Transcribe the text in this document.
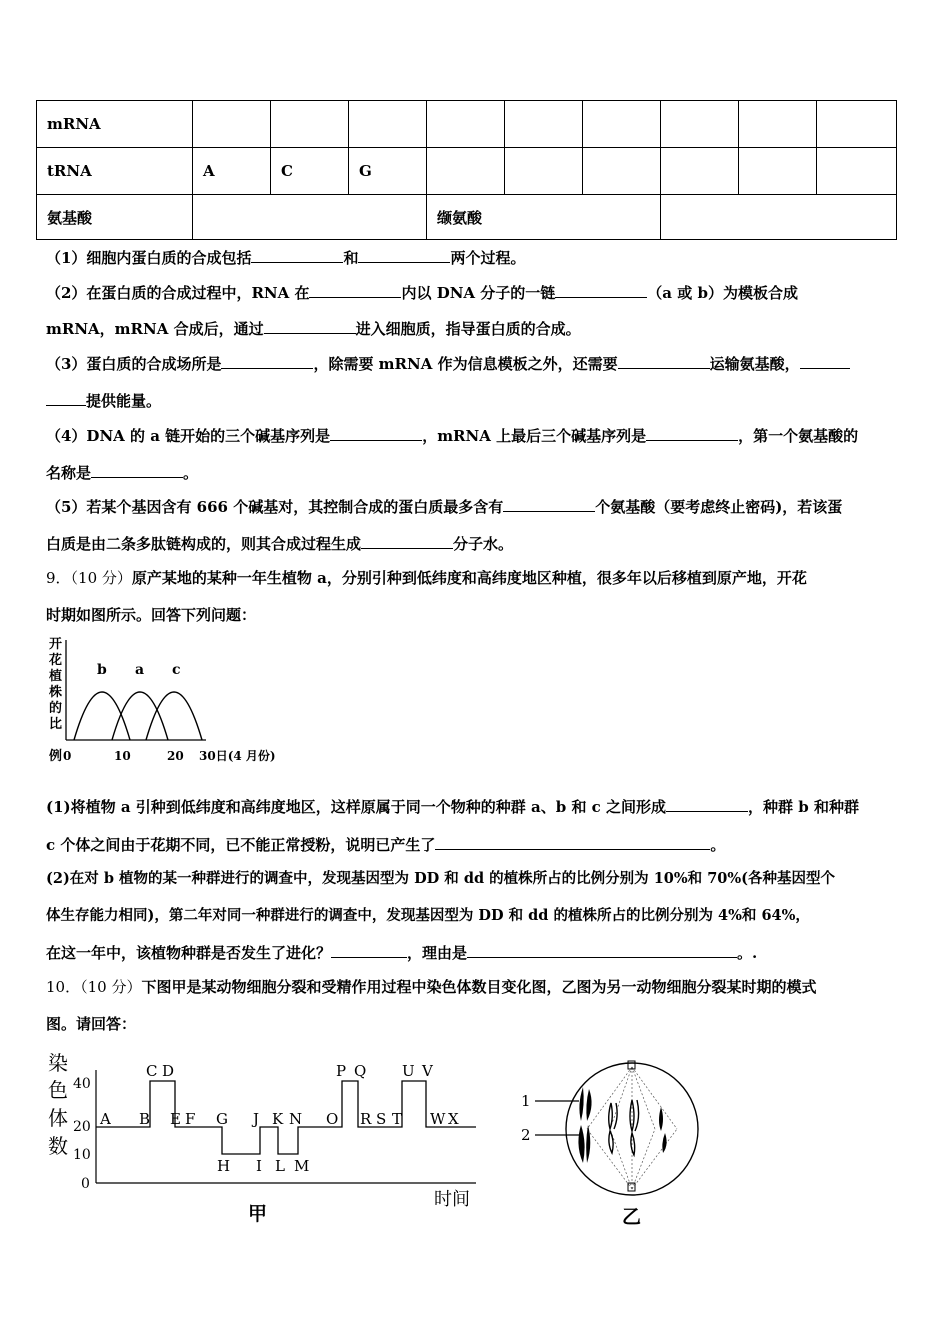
mRNA									
tRNA	A	C	G						
氨基酸				缬氨酸					
（1）细胞内蛋白质的合成包括	和	两个过程。
（2）在蛋白质的合成过程中，RNA 在	内以 DNA 分子的一链	（a 或 b）为模板合成
mRNA，mRNA 合成后，通过	进入细胞质，指导蛋白质的合成。
（3）蛋白质的合成场所是	，除需要 mRNA 作为信息模板之外，还需要	运输氨基酸，
提供能量。
（4）DNA 的 a 链开始的三个碱基序列是	，mRNA 上最后三个碱基序列是	，第一个氨基酸的
名称是	。
（5）若某个基因含有 666 个碱基对，其控制合成的蛋白质最多含有	个氨基酸（要考虑终止密码)，若该蛋
白质是由二条多肽链构成的，则其合成过程生成	分子水。
9．（10 分）原产某地的某种一年生植物 a，分别引种到低纬度和高纬度地区种植，很多年以后移植到原产地，开花
时期如图所示。回答下列问题：
开
花
植
株
的
比
例
b a c
0	10	20 30日(4 月份)
(1)将植物 a 引种到低纬度和高纬度地区，这样原属于同一个物种的种群 a、b 和 c 之间形成	，种群 b 和种群
c 个体之间由于花期不同，已不能正常授粉，说明已产生了	。
(2)在对 b 植物的某一种群进行的调查中，发现基因型为 DD 和 dd 的植株所占的比例分别为 10%和 70%(各种基因型个
体生存能力相同)，第二年对同一种群进行的调查中，发现基因型为 DD 和 dd 的植株所占的比例分别为 4%和 64%，
在这一年中，该植物种群是否发生了进化？	，理由是	。.
10．（10 分）下图甲是某动物细胞分裂和受精作用过程中染色体数目变化图，乙图为另一动物细胞分裂某时期的模式
图。请回答：
染
色
体
数
40
20
10
0
C D	P Q U V
A B E F G J K N O R S T W X
H I L M
时间
甲
1
2
乙
